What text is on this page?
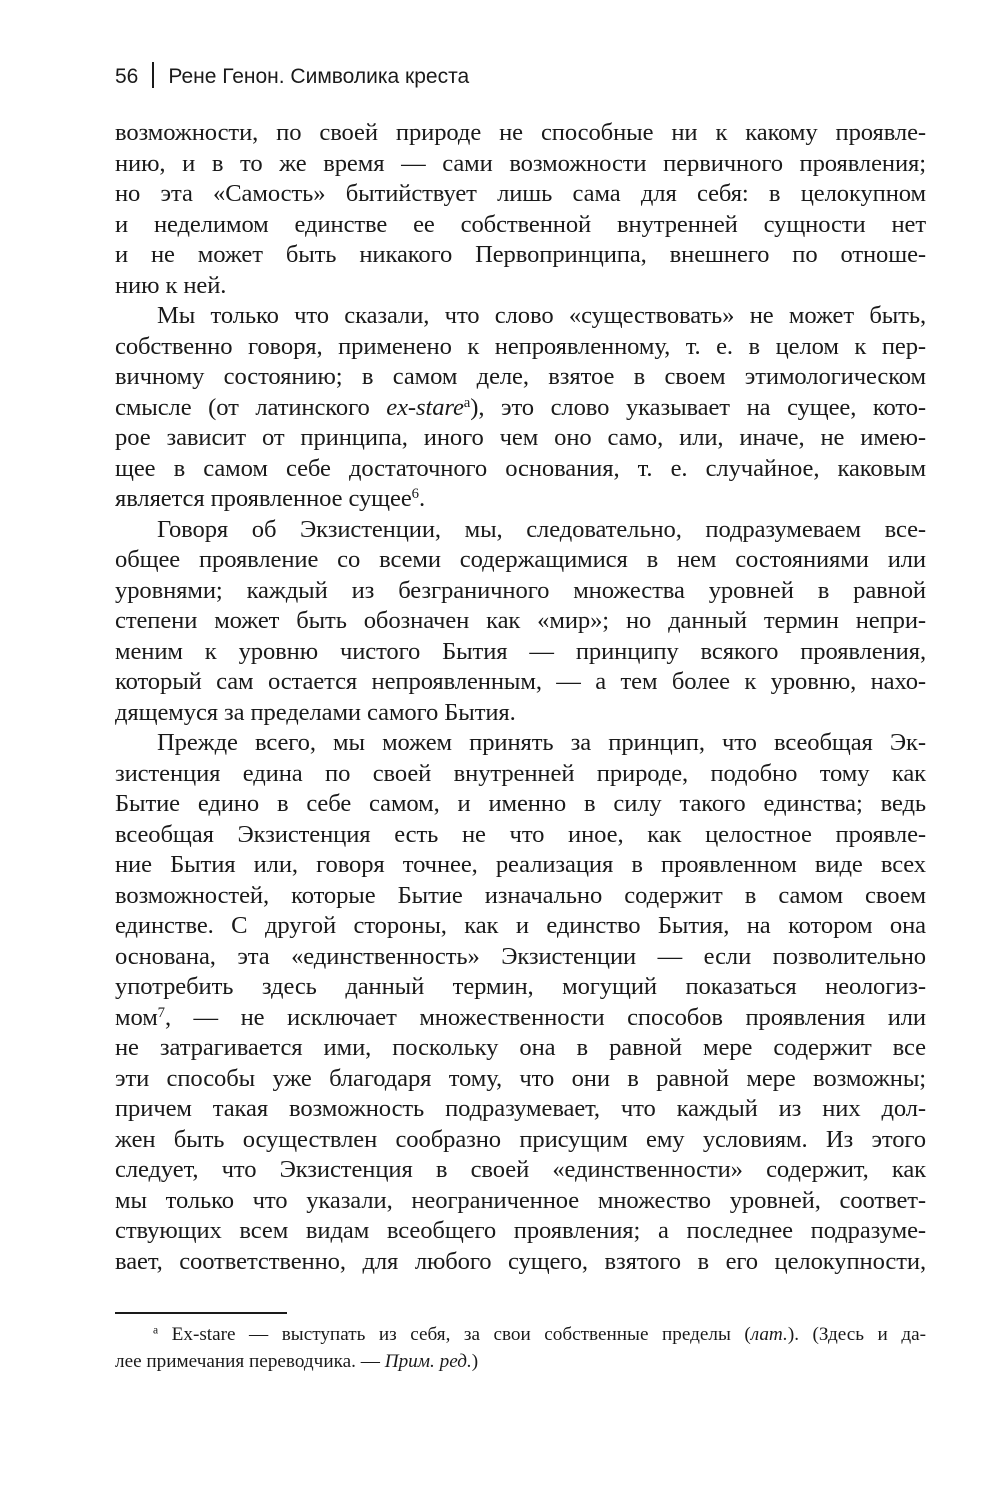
56 Рене Генон. Символика креста
возможности, по своей природе не способные ни к какому проявле-
нию, и в то же время — сами возможности первичного проявления;
но эта «Самость» бытийствует лишь сама для себя: в целокупном
и неделимом единстве ее собственной внутренней сущности нет
и не может быть никакого Первопринципа, внешнего по отноше-
нию к ней.
Мы только что сказали, что слово «существовать» не может быть,
собственно говоря, применено к непроявленному, т. е. в целом к пер-
вичному состоянию; в самом деле, взятое в своем этимологическом
смысле (от латинского ex-stare$^a$), это слово указывает на сущее, кото-
рое зависит от принципа, иного чем оно само, или, иначе, не имею-
щее в самом себе достаточного основания, т. е. случайное, каковым
является проявленное сущее$^6$.
Говоря об Экзистенции, мы, следовательно, подразумеваем все-
общее проявление со всеми содержащимися в нем состояниями или
уровнями; каждый из безграничного множества уровней в равной
степени может быть обозначен как «мир»; но данный термин непри-
меним к уровню чистого Бытия — принципу всякого проявления,
который сам остается непроявленным, — а тем более к уровню, нахо-
дящемуся за пределами самого Бытия.
Прежде всего, мы можем принять за принцип, что всеобщая Эк-
зистенция едина по своей внутренней природе, подобно тому как
Бытие едино в себе самом, и именно в силу такого единства; ведь
всеобщая Экзистенция есть не что иное, как целостное проявле-
ние Бытия или, говоря точнее, реализация в проявленном виде всех
возможностей, которые Бытие изначально содержит в самом своем
единстве. С другой стороны, как и единство Бытия, на котором она
основана, эта «единственность» Экзистенции — если позволительно
употребить здесь данный термин, могущий показаться неологиз-
мом$^7$, — не исключает множественности способов проявления или
не затрагивается ими, поскольку она в равной мере содержит все
эти способы уже благодаря тому, что они в равной мере возможны;
причем такая возможность подразумевает, что каждый из них дол-
жен быть осуществлен сообразно присущим ему условиям. Из этого
следует, что Экзистенция в своей «единственности» содержит, как
мы только что указали, неограниченное множество уровней, соответ-
ствующих всем видам всеобщего проявления; а последнее подразуме-
вает, соответственно, для любого сущего, взятого в его целокупности,
$^a$ Ex-stare — выступать из себя, за свои собственные пределы (лат.). (Здесь и да-
лее примечания переводчика. — Прим. ред.)
